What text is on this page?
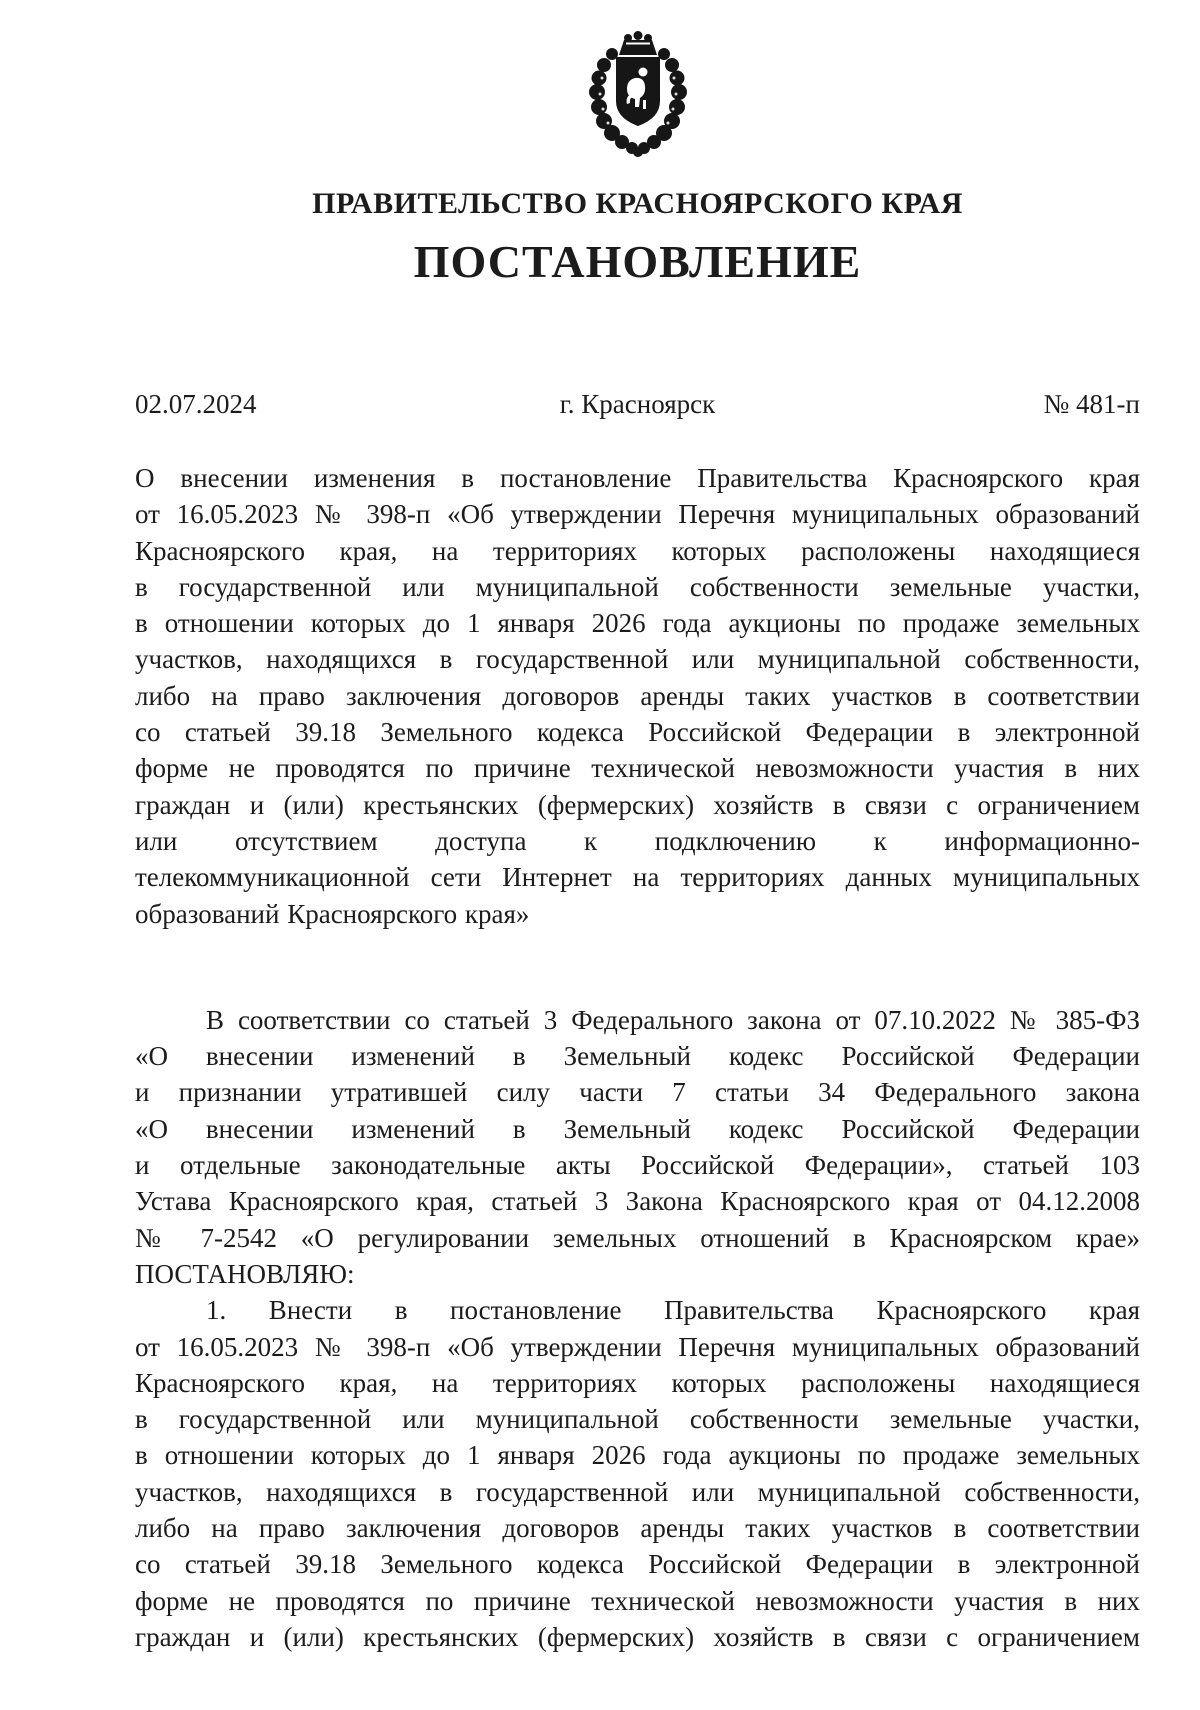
ПРАВИТЕЛЬСТВО КРАСНОЯРСКОГО КРАЯ
ПОСТАНОВЛЕНИЕ
02.07.2024	г. Красноярск	№ 481-п
О внесении изменения в постановление Правительства Красноярского края
от 16.05.2023 № 398-п «Об утверждении Перечня муниципальных образований
Красноярского края, на территориях которых расположены находящиеся
в государственной или муниципальной собственности земельные участки,
в отношении которых до 1 января 2026 года аукционы по продаже земельных
участков, находящихся в государственной или муниципальной собственности,
либо на право заключения договоров аренды таких участков в соответствии
со статьей 39.18 Земельного кодекса Российской Федерации в электронной
форме не проводятся по причине технической невозможности участия в них
граждан и (или) крестьянских (фермерских) хозяйств в связи с ограничением
или отсутствием доступа к подключению к информационно-
телекоммуникационной сети Интернет на территориях данных муниципальных
образований Красноярского края»
В соответствии со статьей 3 Федерального закона от 07.10.2022 № 385-ФЗ
«О внесении изменений в Земельный кодекс Российской Федерации
и признании утратившей силу части 7 статьи 34 Федерального закона
«О внесении изменений в Земельный кодекс Российской Федерации
и отдельные законодательные акты Российской Федерации», статьей 103
Устава Красноярского края, статьей 3 Закона Красноярского края от 04.12.2008
№ 7-2542 «О регулировании земельных отношений в Красноярском крае»
ПОСТАНОВЛЯЮ:
1. Внести в постановление Правительства Красноярского края
от 16.05.2023 № 398-п «Об утверждении Перечня муниципальных образований
Красноярского края, на территориях которых расположены находящиеся
в государственной или муниципальной собственности земельные участки,
в отношении которых до 1 января 2026 года аукционы по продаже земельных
участков, находящихся в государственной или муниципальной собственности,
либо на право заключения договоров аренды таких участков в соответствии
со статьей 39.18 Земельного кодекса Российской Федерации в электронной
форме не проводятся по причине технической невозможности участия в них
граждан и (или) крестьянских (фермерских) хозяйств в связи с ограничением
